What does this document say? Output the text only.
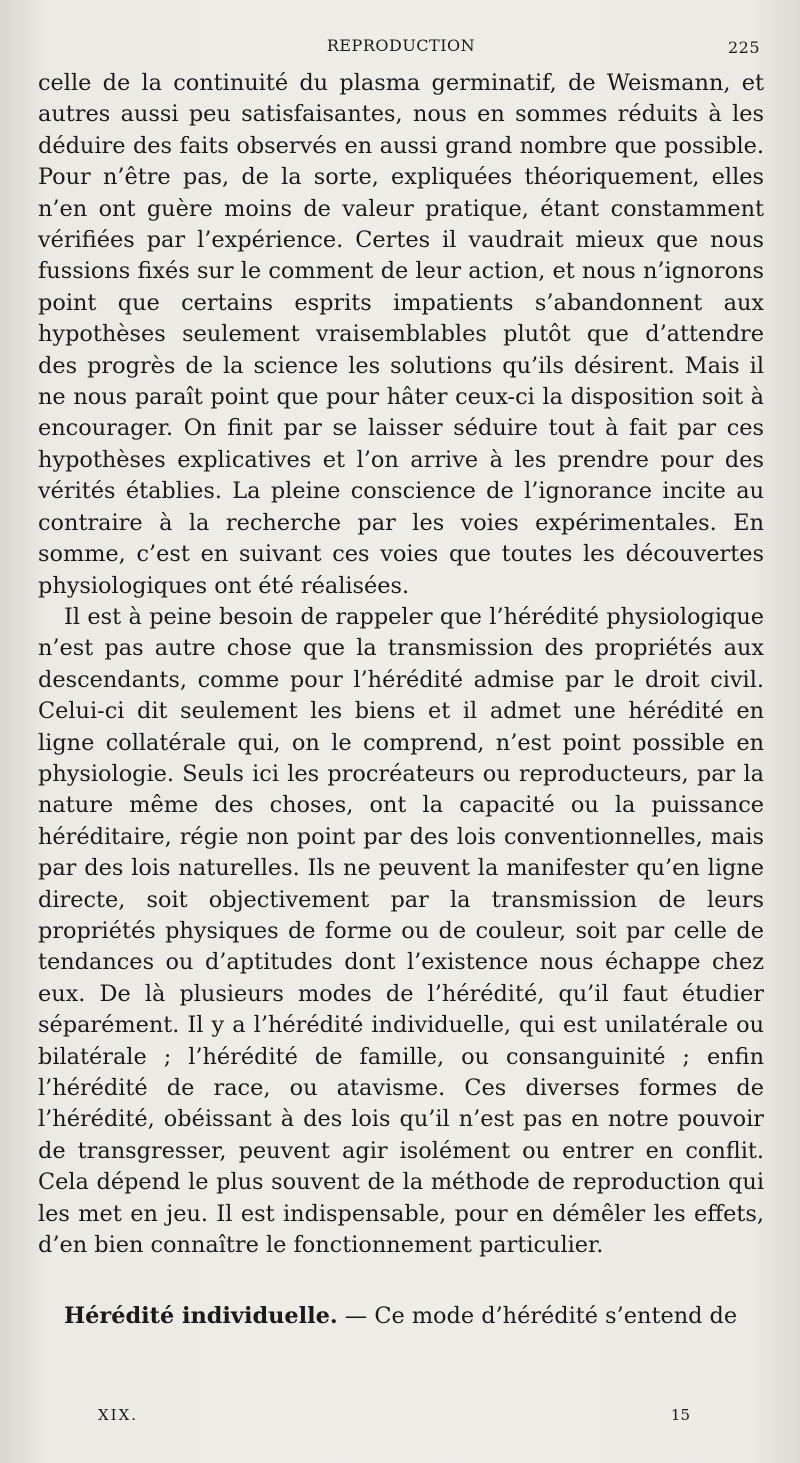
REPRODUCTION	225

celle de la continuité du plasma germinatif, de Weismann, et autres aussi peu satisfaisantes, nous en sommes réduits à les déduire des faits observés en aussi grand nombre que possible. Pour n’être pas, de la sorte, expliquées théoriquement, elles n’en ont guère moins de valeur pratique, étant constamment vérifiées par l’expérience. Certes il vaudrait mieux que nous fussions fixés sur le comment de leur action, et nous n’ignorons point que certains esprits impatients s’abandonnent aux hypothèses seulement vraisemblables plutôt que d’attendre des progrès de la science les solutions qu’ils désirent. Mais il ne nous paraît point que pour hâter ceux-ci la disposition soit à encourager. On finit par se laisser séduire tout à fait par ces hypothèses explicatives et l’on arrive à les prendre pour des vérités établies. La pleine conscience de l’ignorance incite au contraire à la recherche par les voies expérimentales. En somme, c’est en suivant ces voies que toutes les découvertes physiologiques ont été réalisées.

Il est à peine besoin de rappeler que l’hérédité physiologique n’est pas autre chose que la transmission des propriétés aux descendants, comme pour l’hérédité admise par le droit civil. Celui-ci dit seulement les biens et il admet une hérédité en ligne collatérale qui, on le comprend, n’est point possible en physiologie. Seuls ici les procréateurs ou reproducteurs, par la nature même des choses, ont la capacité ou la puissance héréditaire, régie non point par des lois conventionnelles, mais par des lois naturelles. Ils ne peuvent la manifester qu’en ligne directe, soit objectivement par la transmission de leurs propriétés physiques de forme ou de couleur, soit par celle de tendances ou d’aptitudes dont l’existence nous échappe chez eux. De là plusieurs modes de l’hérédité, qu’il faut étudier séparément. Il y a l’hérédité individuelle, qui est unilatérale ou bilatérale ; l’hérédité de famille, ou consanguinité ; enfin l’hérédité de race, ou atavisme. Ces diverses formes de l’hérédité, obéissant à des lois qu’il n’est pas en notre pouvoir de transgresser, peuvent agir isolément ou entrer en conflit. Cela dépend le plus souvent de la méthode de reproduction qui les met en jeu. Il est indispensable, pour en démêler les effets, d’en bien connaître le fonctionnement particulier.

Hérédité individuelle. — Ce mode d’hérédité s’entend de
XIX.	15
